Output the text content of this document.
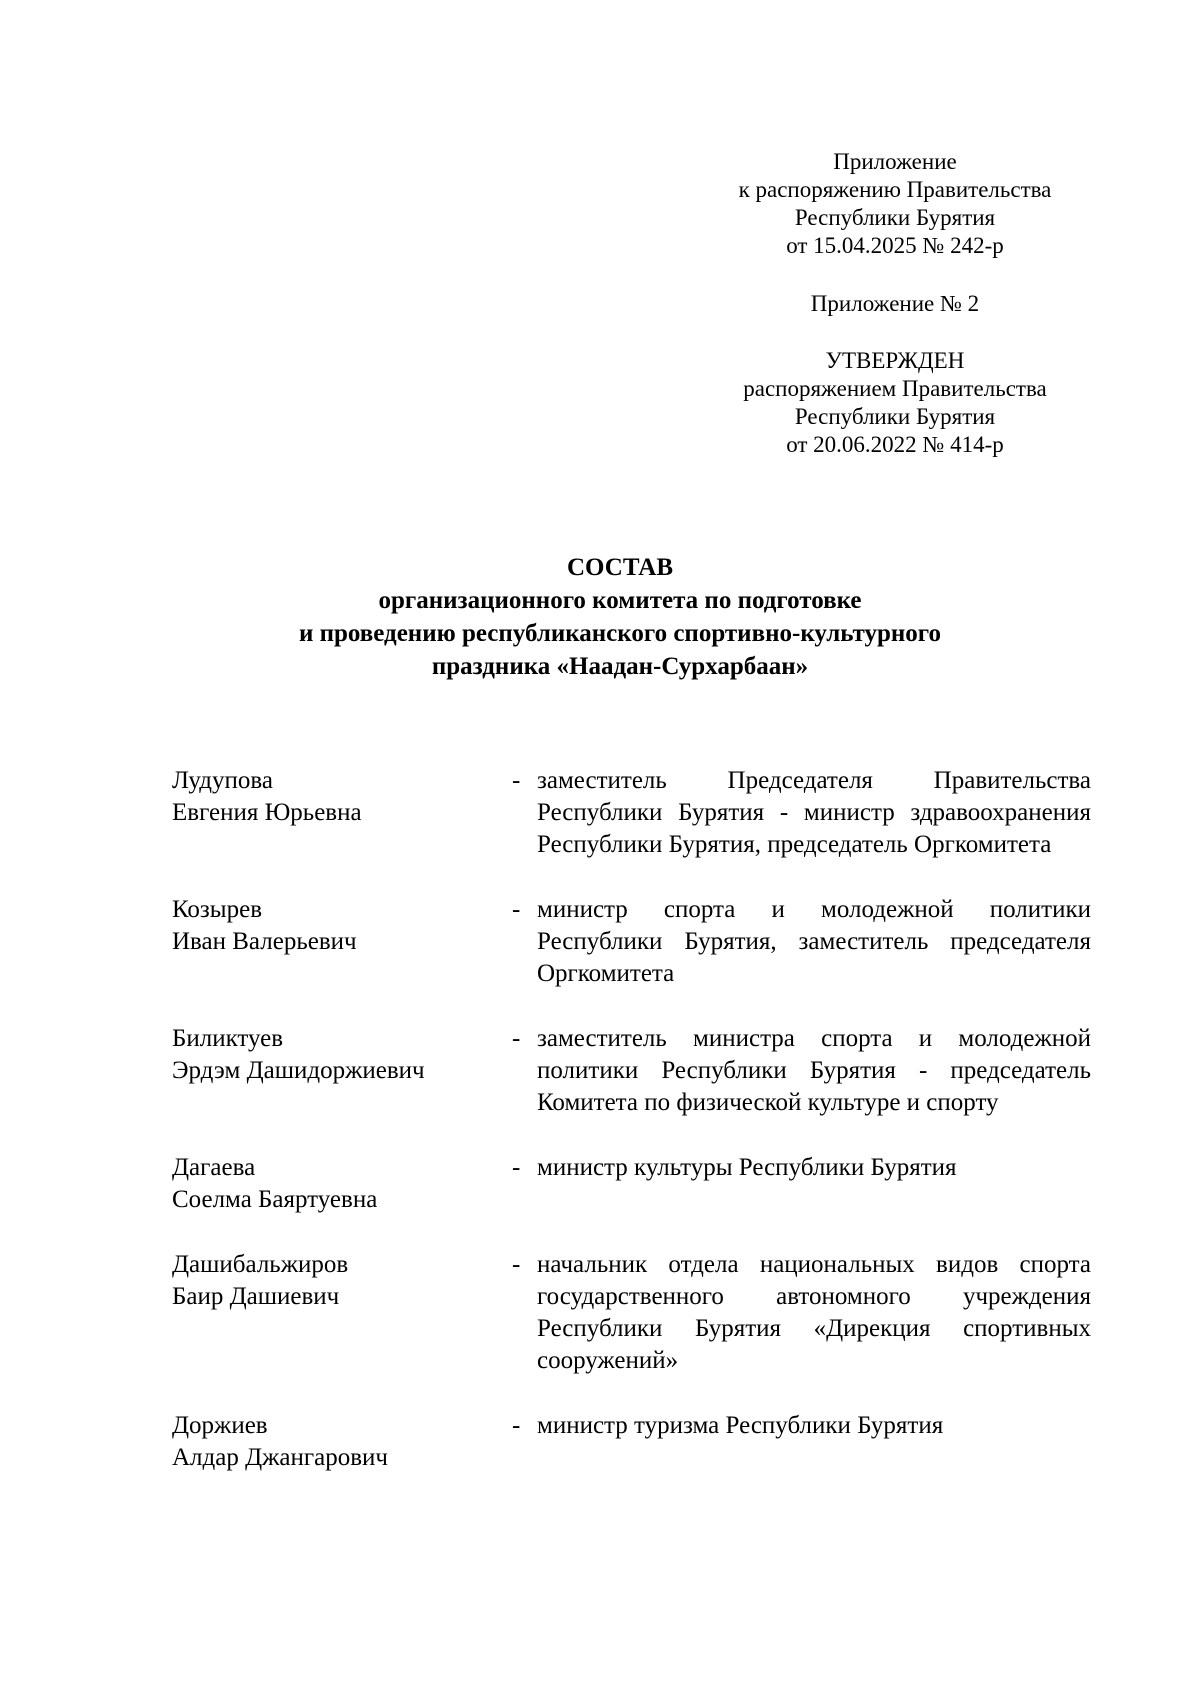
Приложение
к распоряжению Правительства
Республики Бурятия
от 15.04.2025 № 242-р
Приложение № 2
УТВЕРЖДЕН
распоряжением Правительства
Республики Бурятия
от 20.06.2022 № 414-р
СОСТАВ
организационного комитета по подготовке
и проведению республиканского спортивно-культурного
праздника «Наадан-Сурхарбаан»
Лудупова
Евгения Юрьевна
- заместитель Председателя Правительства Республики Бурятия - министр здравоохранения Республики Бурятия, председатель Оргкомитета
Козырев
Иван Валерьевич
- министр спорта и молодежной политики Республики Бурятия, заместитель председателя Оргкомитета
Биликтуев
Эрдэм Дашидоржиевич
- заместитель министра спорта и молодежной политики Республики Бурятия - председатель Комитета по физической культуре и спорту
Дагаева
Соелма Баяртуевна
- министр культуры Республики Бурятия
Дашибальжиров
Баир Дашиевич
- начальник отдела национальных видов спорта государственного автономного учреждения Республики Бурятия «Дирекция спортивных сооружений»
Доржиев
Алдар Джангарович
- министр туризма Республики Бурятия
